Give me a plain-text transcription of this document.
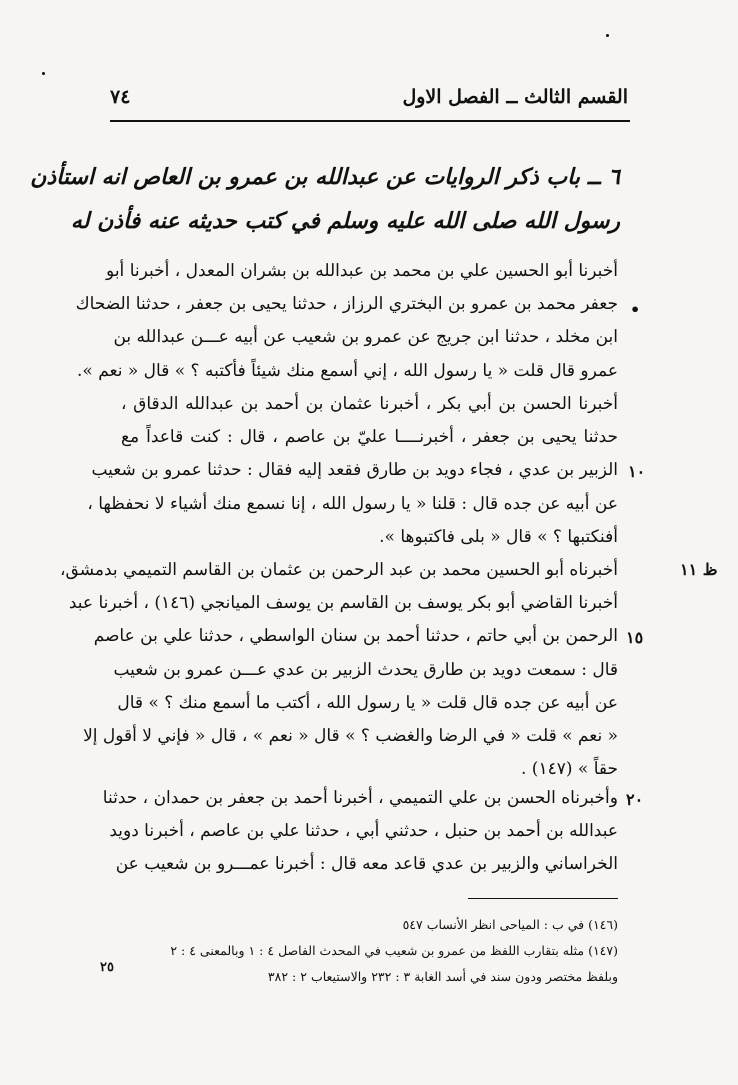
القسم الثالث ــ الفصل الاول
٧٤
٦ ــ باب ذكر الروايات عن عبدالله بن عمرو بن العاص انه استأذن
رسول الله صلى الله عليه وسلم في كتب حديثه عنه فأذن له
أخبرنا أبو الحسين علي بن محمد بن عبدالله بن بشران المعدل ، أخبرنا أبو
جعفر محمد بن عمرو بن البختري الرزاز ، حدثنا يحيى بن جعفر ، حدثنا الضحاك
ابن مخلد ، حدثنا ابن جريج عن عمرو بن شعيب عن أبيه عـــن عبدالله بن
عمرو قال قلت « يا رسول الله ، إني أسمع منك شيئاً فأكتبه ؟ » قال « نعم ».
أخبرنا الحسن بن أبي بكر ، أخبرنا عثمان بن أحمد بن عبدالله الدقاق ،
حدثنا يحيى بن جعفر ، أخبرنــــا عليّ بن عاصم ، قال : كنت قاعداً مع
الزبير بن عدي ، فجاء دويد بن طارق فقعد إليه فقال : حدثنا عمرو بن شعيب
عن أبيه عن جده قال : قلنا « يا رسول الله ، إنا نسمع منك أشياء لا نحفظها ،
أفنكتبها ؟ » قال « بلى فاكتبوها ».
أخبرناه أبو الحسين محمد بن عبد الرحمن بن عثمان بن القاسم التميمي بدمشق،
أخبرنا القاضي أبو بكر يوسف بن القاسم بن يوسف الميانجي (١٤٦) ، أخبرنا عبد
الرحمن بن أبي حاتم ، حدثنا أحمد بن سنان الواسطي ، حدثنا علي بن عاصم
قال : سمعت دويد بن طارق يحدث الزبير بن عدي عـــن عمرو بن شعيب
عن أبيه عن جده قال قلت « يا رسول الله ، أكتب ما أسمع منك ؟ » قال
« نعم » قلت « في الرضا والغضب ؟ » قال « نعم » ، قال « فإني لا أقول إلا
حقاً » (١٤٧) .
وأخبرناه الحسن بن علي التميمي ، أخبرنا أحمد بن جعفر بن حمدان ، حدثنا
عبدالله بن أحمد بن حنبل ، حدثني أبي ، حدثنا علي بن عاصم ، أخبرنا دويد
الخراساني والزبير بن عدي قاعد معه قال : أخبرنا عمـــرو بن شعيب عن
•
١٠
١٥
٢٠
ظ ١١
(١٤٦) في ب : المياحى انظر الأنساب ٥٤٧
(١٤٧) مثله بتقارب اللفظ من عمرو بن شعيب في المحدث الفاصل ٤ : ١ وبالمعنى ٤ : ٢
وبلفظ مختصر ودون سند في أسد الغابة ٣ : ٢٣٢ والاستيعاب ٢ : ٣٨٢
٢٥
